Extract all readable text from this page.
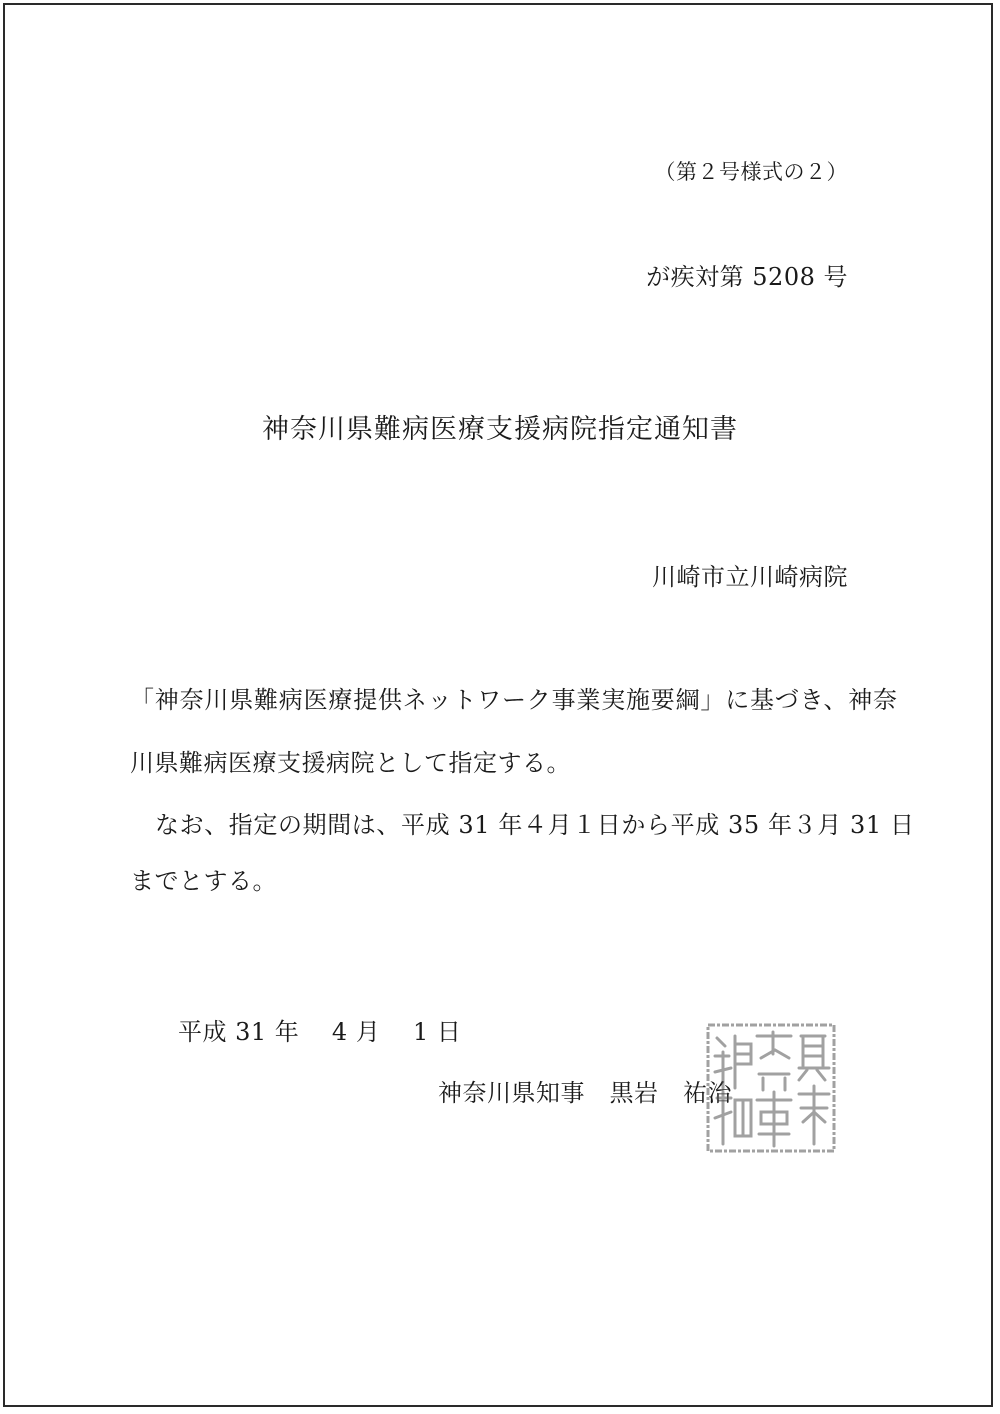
（第２号様式の２）
が疾対第 5208 号
神奈川県難病医療支援病院指定通知書
川崎市立川崎病院
「神奈川県難病医療提供ネットワーク事業実施要綱」に基づき、神奈
川県難病医療支援病院として指定する。
なお、指定の期間は、平成 31 年４月１日から平成 35 年３月 31 日
までとする。
平成 31 年　 4 月　 1 日
神奈川県知事　黒岩　祐治
